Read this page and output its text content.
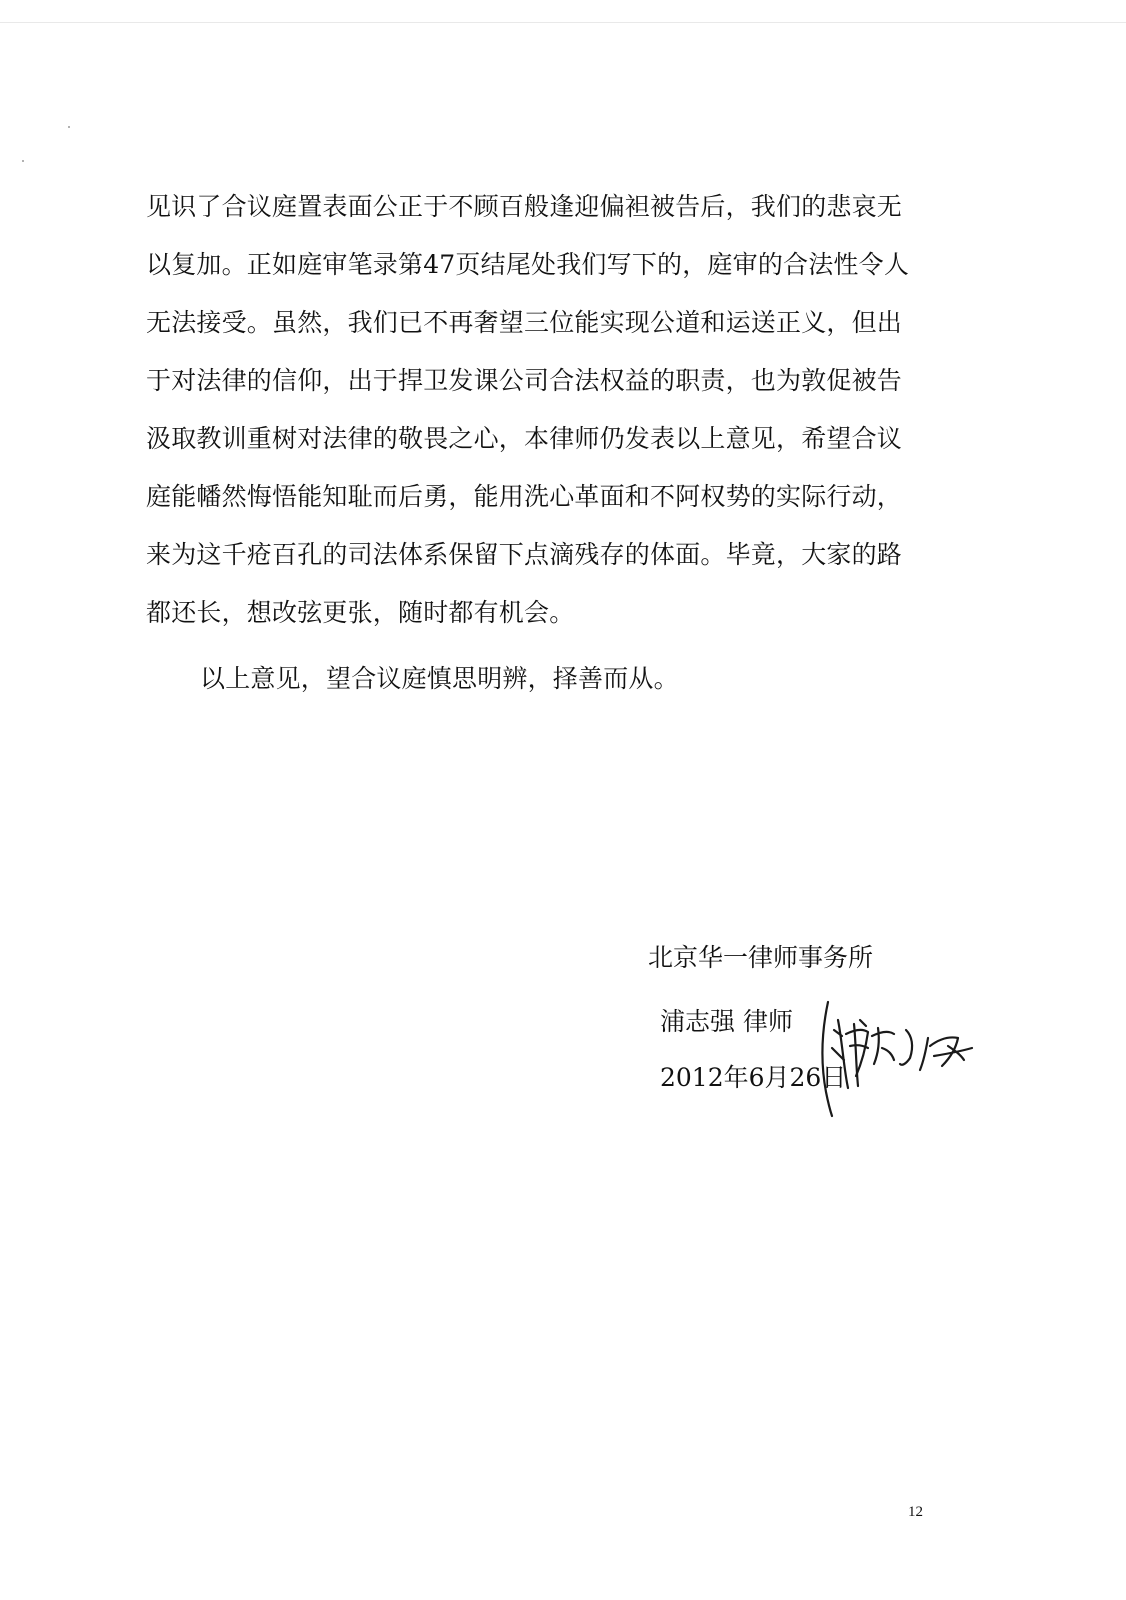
见识了合议庭置表面公正于不顾百般逢迎偏袒被告后，我们的悲哀无
以复加。正如庭审笔录第47页结尾处我们写下的，庭审的合法性令人
无法接受。虽然，我们已不再奢望三位能实现公道和运送正义，但出
于对法律的信仰，出于捍卫发课公司合法权益的职责，也为敦促被告
汲取教训重树对法律的敬畏之心，本律师仍发表以上意见，希望合议
庭能幡然悔悟能知耻而后勇，能用洗心革面和不阿权势的实际行动，
来为这千疮百孔的司法体系保留下点滴残存的体面。毕竟，大家的路
都还长，想改弦更张，随时都有机会。
以上意见，望合议庭慎思明辨，择善而从。
北京华一律师事务所
浦志强 律师
2012年6月26日
12
